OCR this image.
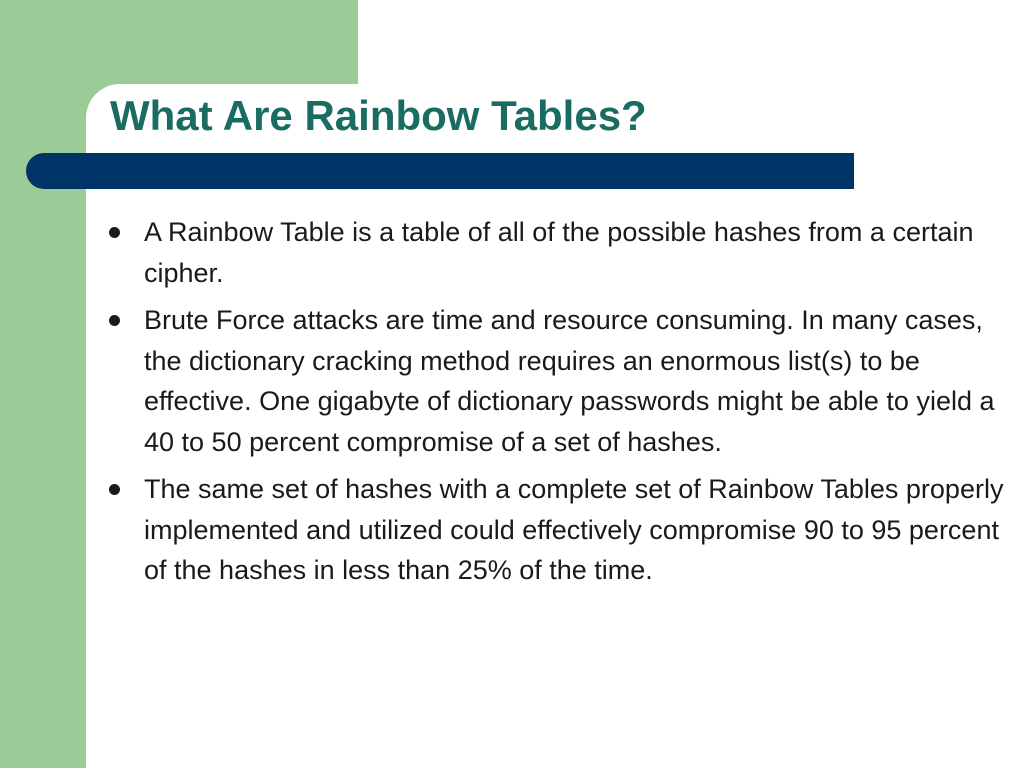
What Are Rainbow Tables?
A Rainbow Table is a table of all of the possible hashes from a certain cipher.
Brute Force attacks are time and resource consuming. In many cases, the dictionary cracking method requires an enormous list(s) to be effective. One gigabyte of dictionary passwords might be able to yield a 40 to 50 percent compromise of a set of hashes.
The same set of hashes with a complete set of Rainbow Tables properly implemented and utilized could effectively compromise 90 to 95 percent of the hashes in less than 25% of the time.
